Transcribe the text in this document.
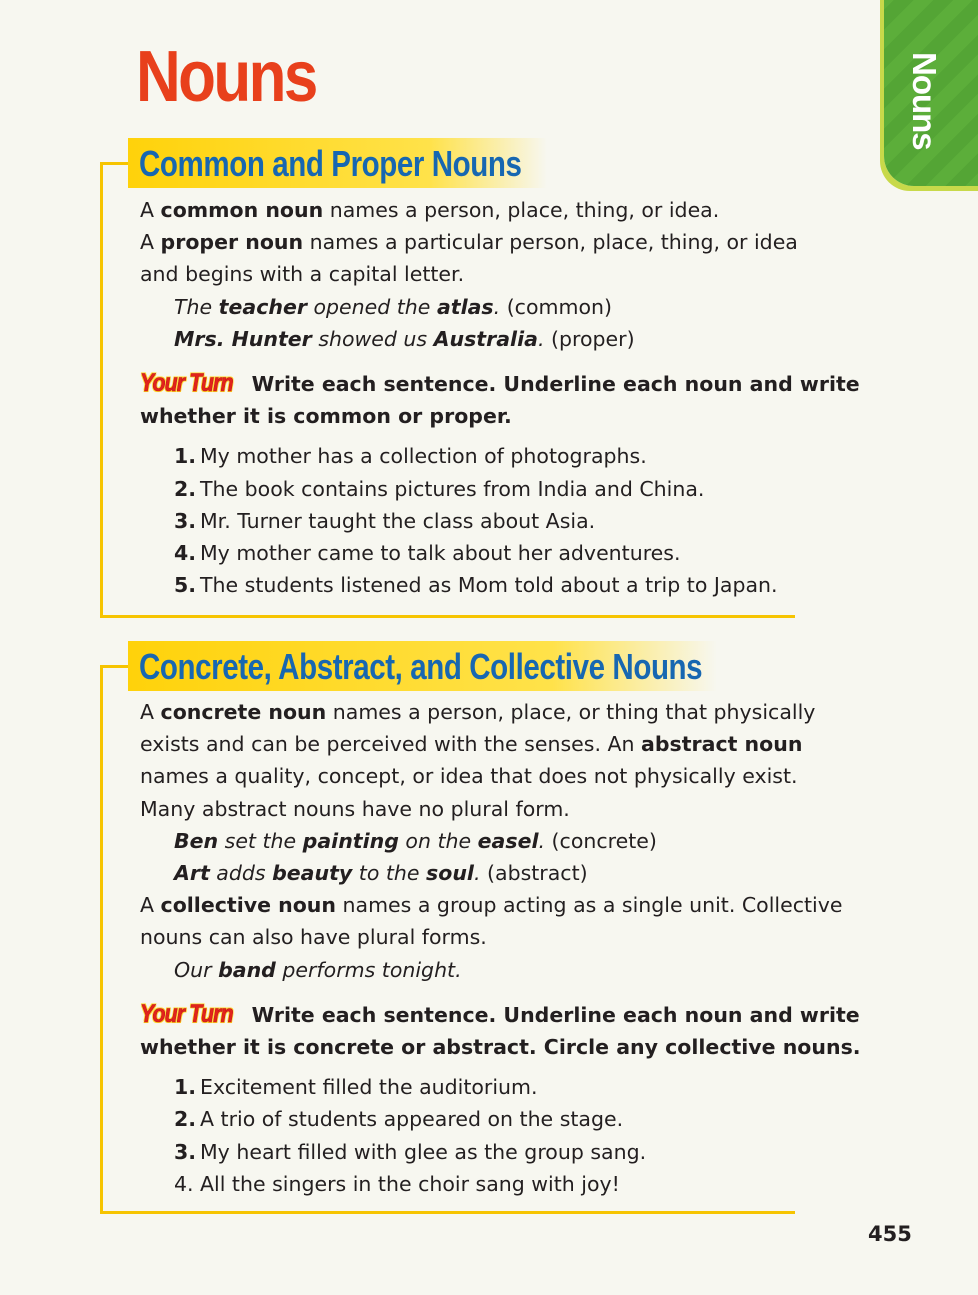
Nouns
Nouns
Common and Proper Nouns

A common noun names a person, place, thing, or idea.

A proper noun names a particular person, place, thing, or idea

and begins with a capital letter.

The teacher opened the atlas. (common)

Mrs. Hunter showed us Australia. (proper)

Your Turn Write each sentence. Underline each noun and write

whether it is common or proper.

1. My mother has a collection of photographs.
2. The book contains pictures from India and China.
3. Mr. Turner taught the class about Asia.
4. My mother came to talk about her adventures.
5. The students listened as Mom told about a trip to Japan.
Concrete, Abstract, and Collective Nouns

A concrete noun names a person, place, or thing that physically

exists and can be perceived with the senses. An abstract noun

names a quality, concept, or idea that does not physically exist.

Many abstract nouns have no plural form.

Ben set the painting on the easel. (concrete)

Art adds beauty to the soul. (abstract)

A collective noun names a group acting as a single unit. Collective

nouns can also have plural forms.

Our band performs tonight.

Your Turn Write each sentence. Underline each noun and write

whether it is concrete or abstract. Circle any collective nouns.

1. Excitement filled the auditorium.
2. A trio of students appeared on the stage.
3. My heart filled with glee as the group sang.
4. All the singers in the choir sang with joy!
455
